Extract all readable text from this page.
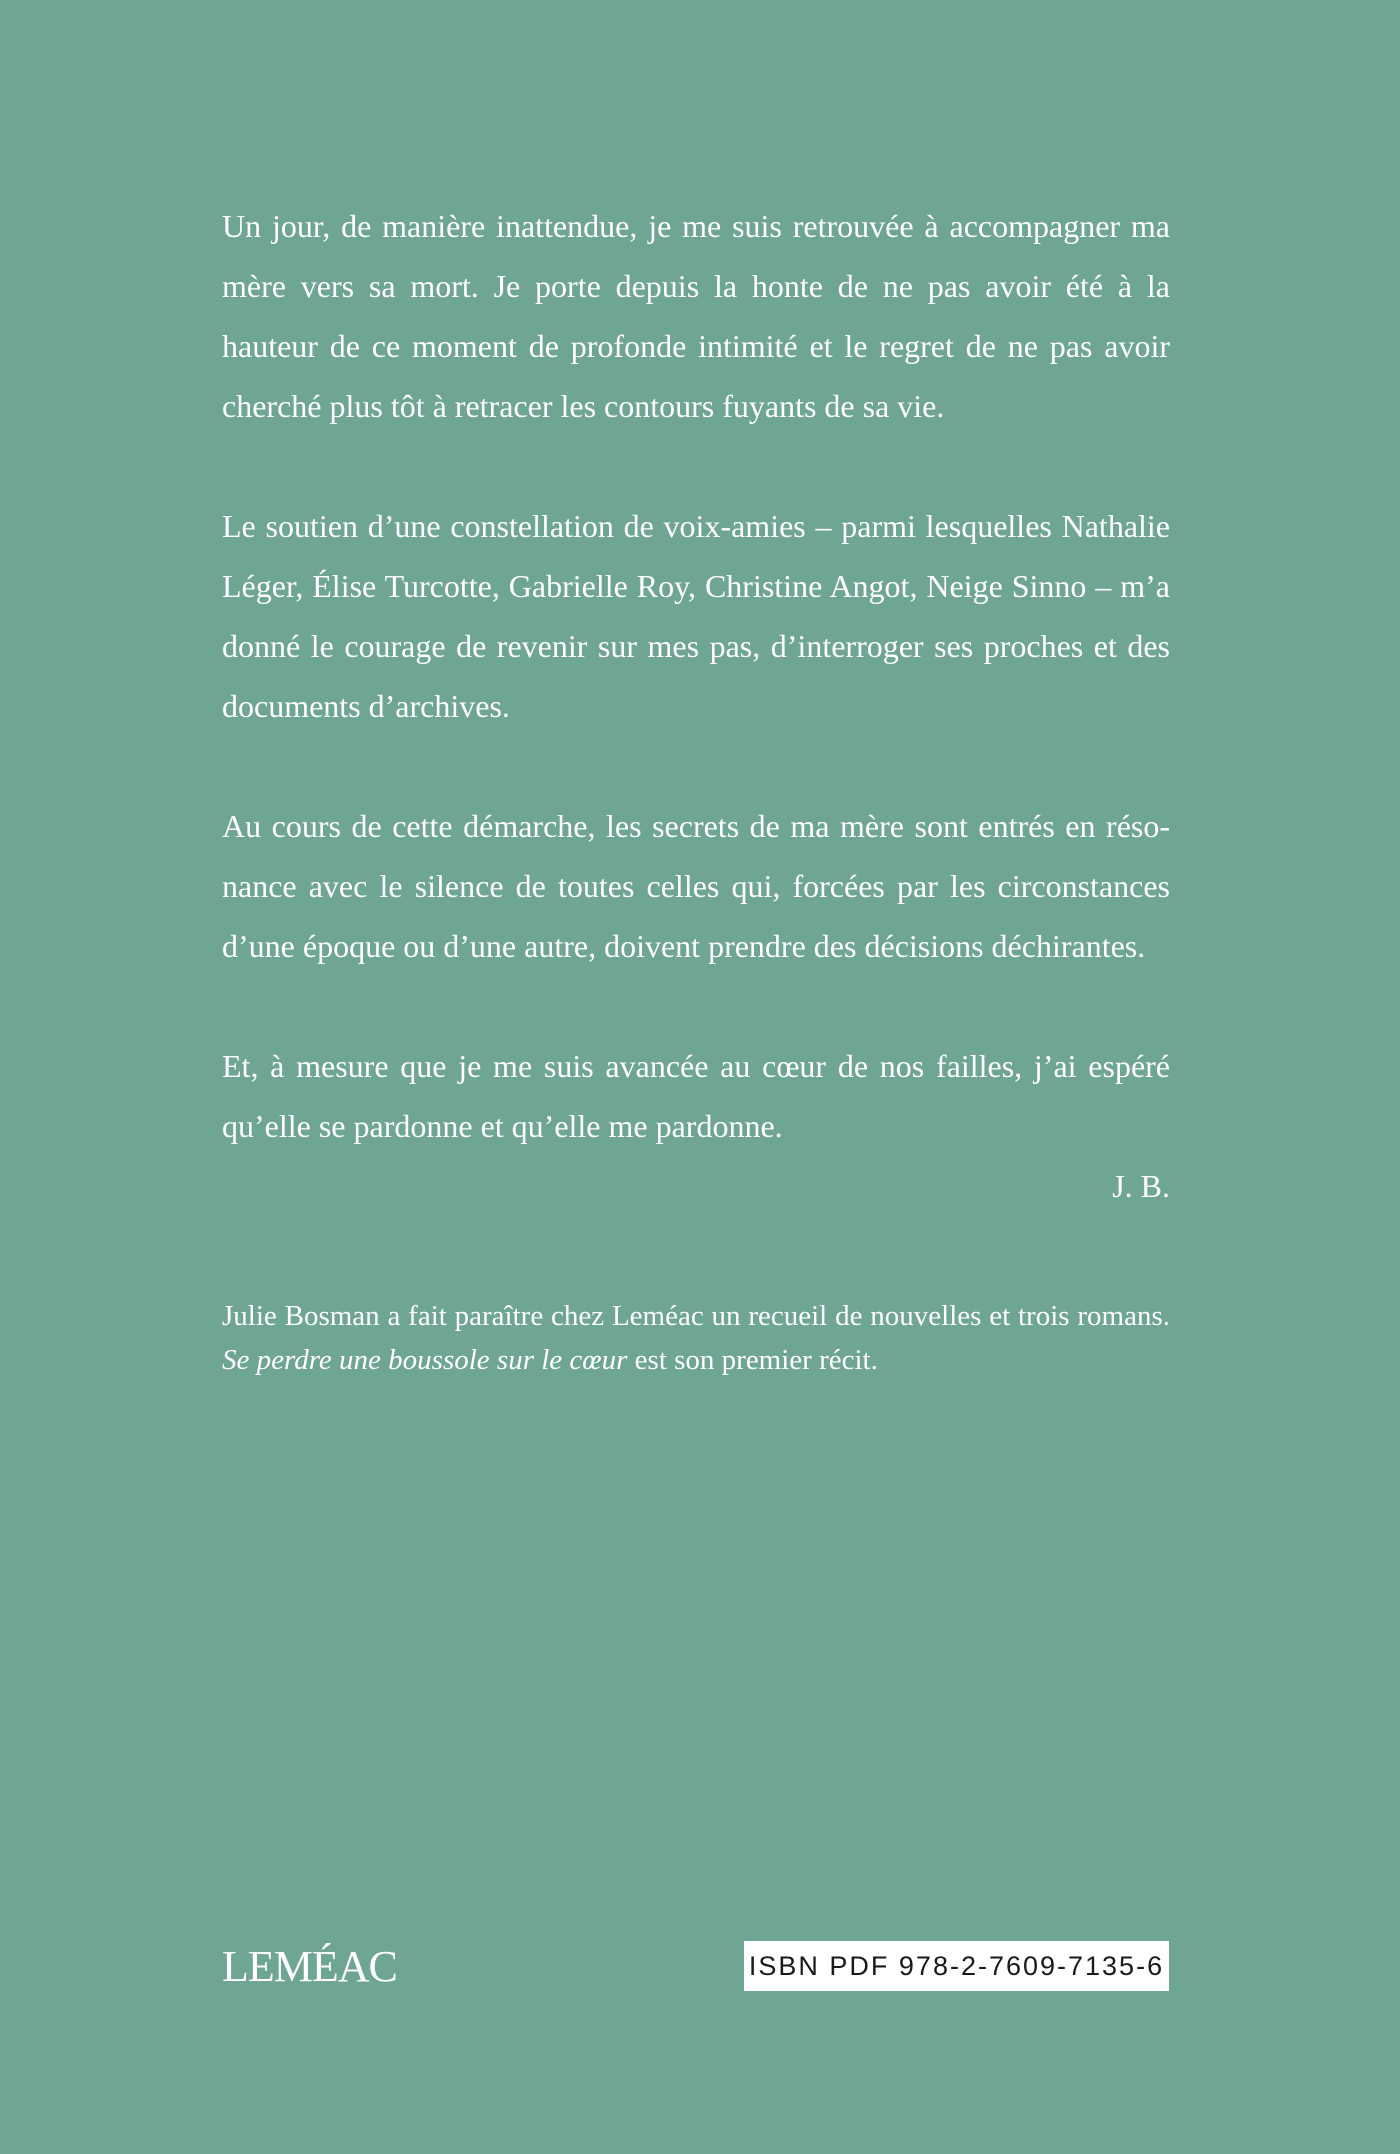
Un jour, de manière inattendue, je me suis retrouvée à accompagner ma mère vers sa mort. Je porte depuis la honte de ne pas avoir été à la hauteur de ce moment de profonde intimité et le regret de ne pas avoir cherché plus tôt à retracer les contours fuyants de sa vie.

Le soutien d’une constellation de voix-amies – parmi lesquelles Nathalie Léger, Élise Turcotte, Gabrielle Roy, Christine Angot, Neige Sinno – m’a donné le courage de revenir sur mes pas, d’interroger ses proches et des documents d’archives.

Au cours de cette démarche, les secrets de ma mère sont entrés en résonance avec le silence de toutes celles qui, forcées par les circonstances d’une époque ou d’une autre, doivent prendre des décisions déchirantes.

Et, à mesure que je me suis avancée au cœur de nos failles, j’ai espéré qu’elle se pardonne et qu’elle me pardonne.

J. B.

Julie Bosman a fait paraître chez Leméac un recueil de nouvelles et trois romans. Se perdre une boussole sur le cœur est son premier récit.

LEMÉAC	ISBN PDF 978-2-7609-7135-6
